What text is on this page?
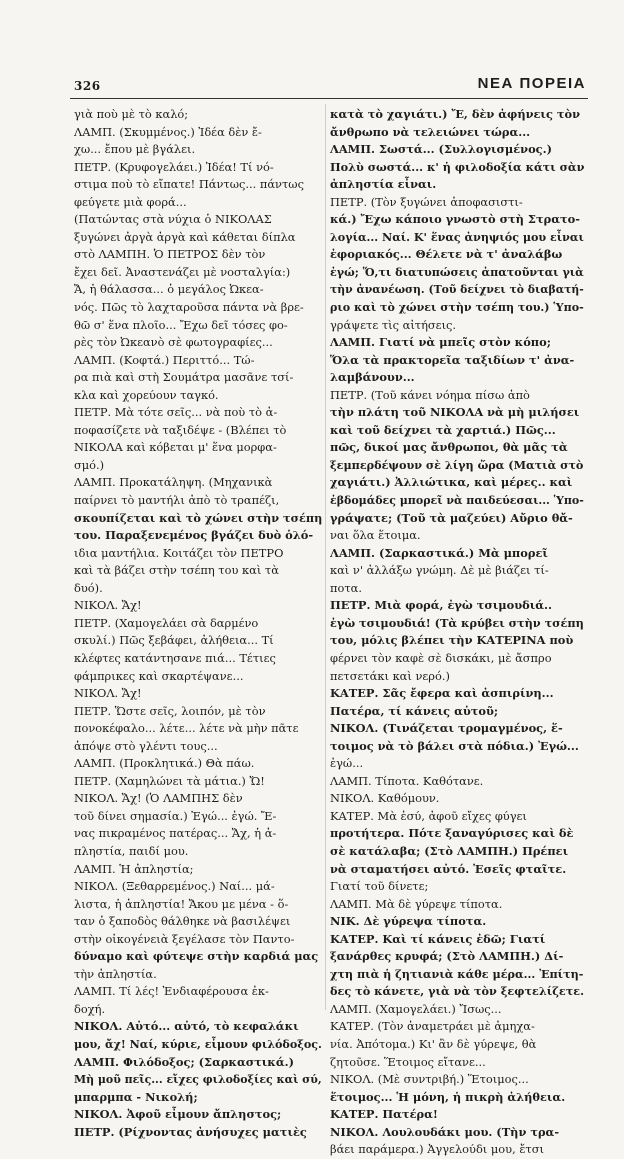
326	ΝΕΑ ΠΟΡΕΙΑ
γιὰ ποὺ μὲ τὸ καλό;
ΛΑΜΠ. (Σκυμμένος.) Ἰδέα δὲν ἔ-
χω... ἔπου μὲ βγάλει.
ΠΕΤΡ. (Κρυφογελάει.) Ἰδέα! Τί νό-
στιμα ποὺ τὸ εἴπατε! Πάντως... πάντως
φεύγετε μιὰ φορά...
(Πατώντας στὰ νύχια ὁ ΝΙΚΟΛΑΣ
ξυγώνει ἀργὰ ἀργὰ καὶ κάθεται δίπλα
στὸ ΛΑΜΠΗ. Ὁ ΠΕΤΡΟΣ δὲν τὸν
ἔχει δεῖ. Ἀναστενάζει μὲ νοσταλγία:)
Ἄ, ἡ θάλασσα... ὁ μεγάλος Ὠκεα-
νός. Πῶς τὸ λαχταροῦσα πάντα νὰ βρε-
θῶ σ' ἕνα πλοῖο... Ἔχω δεῖ τόσες φο-
ρὲς τὸν Ὠκεανὸ σὲ φωτογραφίες...
ΛΑΜΠ. (Κοφτά.) Περιττό... Τώ-
ρα πιὰ καὶ στὴ Σουμάτρα μασᾶνε τσί-
κλα καὶ χορεύουν ταγκό.
ΠΕΤΡ. Μὰ τότε σεῖς... νὰ ποὺ τὸ ἀ-
ποφασίζετε νὰ ταξιδέψε - (Βλέπει τὸ
ΝΙΚΟΛΑ καὶ κόβεται μ' ἕνα μορφα-
σμό.)
ΛΑΜΠ. Προκατάληψη. (Μηχανικὰ
παίρνει τὸ μαντήλι ἀπὸ τὸ τραπέζι,
σκουπίζεται καὶ τὸ χώνει στὴν τσέπη
του. Παραξενεμένος βγάζει δυὸ ὁλό-
ιδια μαντήλια. Κοιτάζει τὸν ΠΕΤΡΟ
καὶ τὰ βάζει στὴν τσέπη του καὶ τὰ
δυό).
ΝΙΚΟΛ. Ἄχ!
ΠΕΤΡ. (Χαμογελάει σὰ δαρμένο
σκυλί.) Πῶς ξεβάφει, ἀλήθεια... Τί
κλέφτες κατάντησανε πιά... Τέτιες
φάμπρικες καὶ σκαρτέψανε...
ΝΙΚΟΛ. Ἄχ!
ΠΕΤΡ. Ὥστε σεῖς, λοιπόν, μὲ τὸν
πονοκέφαλο... λέτε... λέτε νὰ μὴν πᾶτε
ἀπόψε στὸ γλέντι τους...
ΛΑΜΠ. (Προκλητικά.) Θὰ πάω.
ΠΕΤΡ. (Χαμηλώνει τὰ μάτια.) Ὤ!
ΝΙΚΟΛ. Ἄχ! (Ὁ ΛΑΜΠΗΣ δὲν
τοῦ δίνει σημασία.) Ἐγώ... ἐγώ. Ἔ-
νας πικραμένος πατέρας... Ἄχ, ἡ ἀ-
πληστία, παιδί μου.
ΛΑΜΠ. Ἡ ἀπληστία;
ΝΙΚΟΛ. (Ξεθαρρεμένος.) Ναί... μά-
λιστα, ἡ ἀπληστία! Ἄκου με μένα - ὅ-
ταν ὁ ξαποδὸς θάλθηκε νὰ βασιλέψει
στὴν οἰκογένειὰ ξεγέλασε τὸν Παντο-
δύναμο καὶ φύτεψε στὴν καρδιά μας
τὴν ἀπληστία.
ΛΑΜΠ. Τί λές! Ἐνδιαφέρουσα ἐκ-
δοχή.
ΝΙΚΟΛ. Αὐτό... αὐτό, τὸ κεφαλάκι
μου, ἄχ! Ναί, κύριε, εἶμουν φιλόδοξος.
ΛΑΜΠ. Φιλόδοξος; (Σαρκαστικά.)
Μὴ μοῦ πεῖς... εἴχες φιλοδοξίες καὶ σύ,
μπαρμπα - Νικολή;
ΝΙΚΟΛ. Ἀφοῦ εἶμουν ἄπληστος;
ΠΕΤΡ. (Ρίχνοντας ἀνήσυχες ματιὲς
κατὰ τὸ χαγιάτι.) Ἔ, δὲν ἀφήνεις τὸν
ἄνθρωπο νὰ τελειώνει τώρα...
ΛΑΜΠ. Σωστά... (Συλλογισμένος.)
Πολὺ σωστά... κ' ἡ φιλοδοξία κάτι σὰν
ἀπληστία εἶναι.
ΠΕΤΡ. (Τὸν ξυγώνει ἀποφασιστι-
κά.) Ἔχω κάποιο γνωστὸ στὴ Στρατο-
λογία... Ναί. Κ' ἕνας ἀνηψιός μου εἶναι
ἐφοριακός... Θέλετε νὰ τ' ἀναλάβω
ἐγώ; Ὅ,τι διατυπώσεις ἀπατοῦνται γιὰ
τὴν ἀνανέωση. (Τοῦ δείχνει τὸ διαβατή-
ριο καὶ τὸ χώνει στὴν τσέπη του.) Ὑπο-
γράψετε τὶς αἰτήσεις.
ΛΑΜΠ. Γιατί νὰ μπεῖς στὸν κόπο;
Ὅλα τὰ πρακτορεῖα ταξιδίων τ' ἀνα-
λαμβάνουν...
ΠΕΤΡ. (Τοῦ κάνει νόημα πίσω ἀπὸ
τὴν πλάτη τοῦ ΝΙΚΟΛΑ νὰ μὴ μιλήσει
καὶ τοῦ δείχνει τὰ χαρτιά.) Πῶς...
πῶς, δικοί μας ἄνθρωποι, θὰ μᾶς τὰ
ξεμπερδέψουν σὲ λίγη ὥρα (Ματιὰ στὸ
χαγιάτι.) Ἀλλιώτικα, καὶ μέρες.. καὶ
ἑβδομάδες μπορεῖ νὰ παιδεύεσαι... Ὑπο-
γράψατε; (Τοῦ τὰ μαζεύει) Αὔριο θἄ-
ναι ὅλα ἕτοιμα.
ΛΑΜΠ. (Σαρκαστικά.) Μὰ μπορεῖ
καὶ ν' ἀλλάξω γνώμη. Δὲ μὲ βιάζει τί-
ποτα.
ΠΕΤΡ. Μιὰ φορά, ἐγὼ τσιμουδιά..
ἐγὼ τσιμουδιά! (Τὰ κρύβει στὴν τσέπη
του, μόλις βλέπει τὴν ΚΑΤΕΡΙΝΑ ποὺ
φέρνει τὸν καφὲ σὲ δισκάκι, μὲ ἄσπρο
πετσετάκι καὶ νερό.)
ΚΑΤΕΡ. Σᾶς ἔφερα καὶ ἀσπιρίνη...
Πατέρα, τί κάνεις αὐτοῦ;
ΝΙΚΟΛ. (Τινάζεται τρομαγμένος, ἕ-
τοιμος νὰ τὸ βάλει στὰ πόδια.) Ἐγώ...
ἐγώ...
ΛΑΜΠ. Τίποτα. Καθότανε.
ΝΙΚΟΛ. Καθόμουν.
ΚΑΤΕΡ. Μὰ ἐσύ, ἀφοῦ εἴχες φύγει
προτήτερα. Πότε ξαναγύρισες καὶ δὲ
σὲ κατάλαβα; (Στὸ ΛΑΜΠΗ.) Πρέπει
νὰ σταματήσει αὐτό. Ἐσεῖς φταῖτε.
Γιατί τοῦ δίνετε;
ΛΑΜΠ. Μὰ δὲ γύρεψε τίποτα.
ΝΙΚ. Δὲ γύρεψα τίποτα.
ΚΑΤΕΡ. Καὶ τί κάνεις ἐδῶ; Γιατί
ξανάρθες κρυφά; (Στὸ ΛΑΜΠΗ.) Δί-
χτη πιὰ ἡ ζητιανιὰ κάθε μέρα... Ἐπίτη-
δες τὸ κάνετε, γιὰ νὰ τὸν ξεφτελίζετε.
ΛΑΜΠ. (Χαμογελάει.) Ἴσως...
ΚΑΤΕΡ. (Τὸν ἀναμετράει μὲ ἀμηχα-
νία. Ἀπότομα.) Κι' ἂν δὲ γύρεψε, θὰ
ζητοῦσε. Ἕτοιμος εἴτανε...
ΝΙΚΟΛ. (Μὲ συντριβή.) Ἕτοιμος...
ἕτοιμος... Ἡ μόνη, ἡ πικρὴ ἀλήθεια.
ΚΑΤΕΡ. Πατέρα!
ΝΙΚΟΛ. Λουλουδάκι μου. (Τὴν τρα-
βάει παράμερα.) Ἀγγελούδι μου, ἔτσι
